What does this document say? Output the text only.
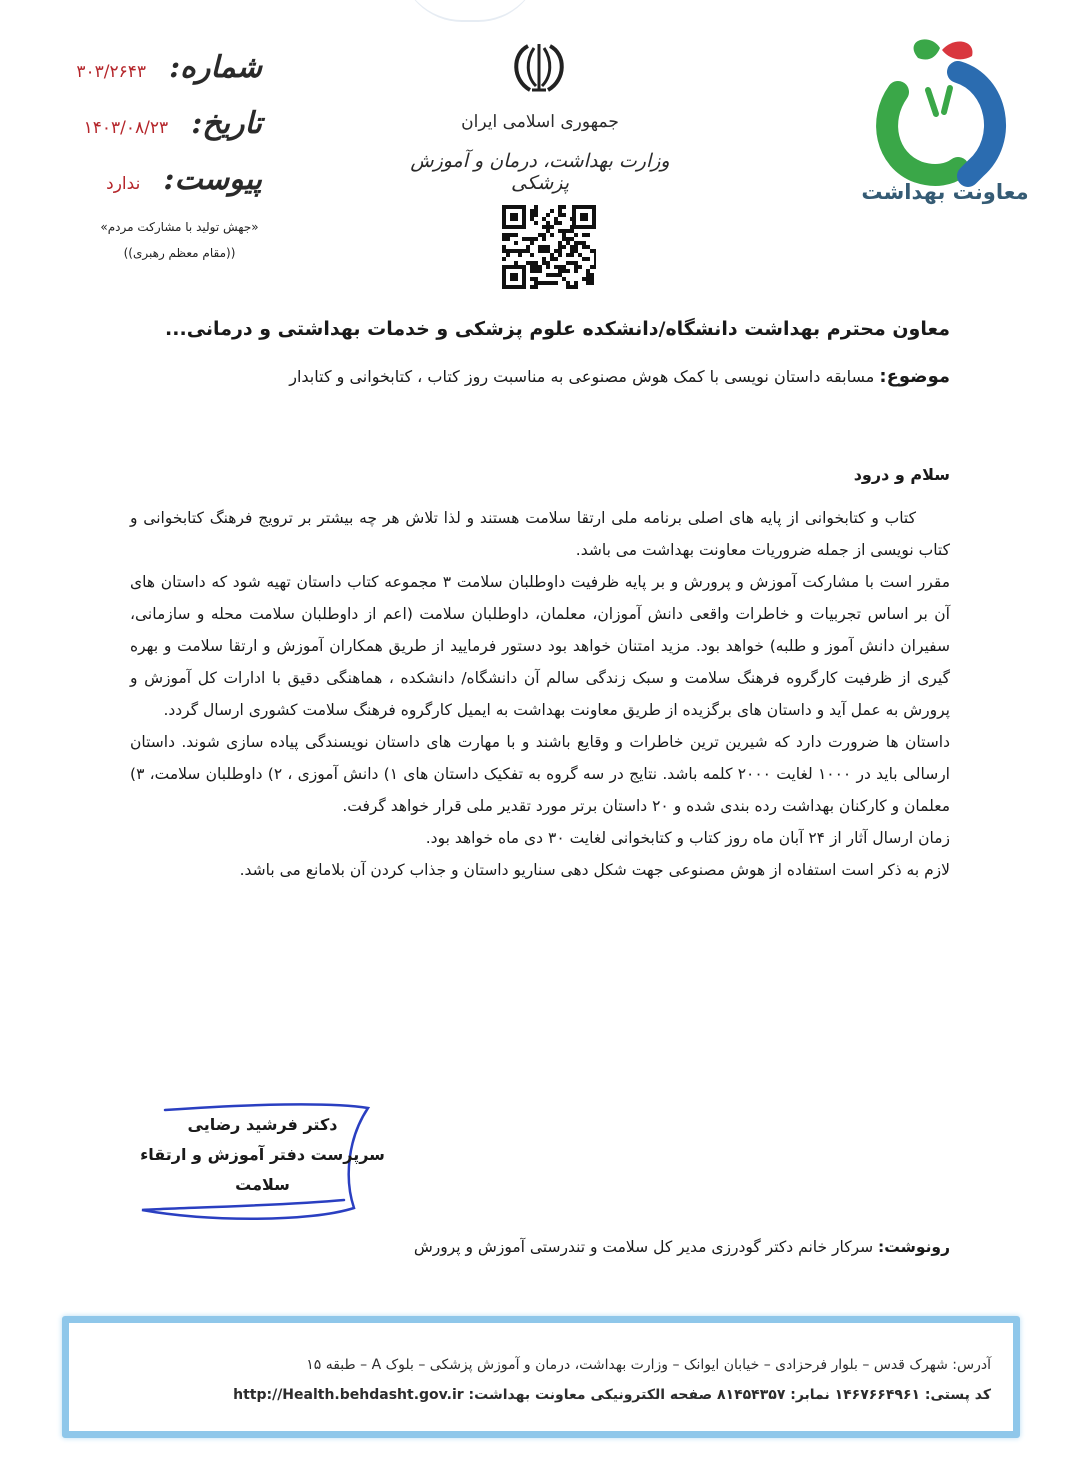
معاونت بهداشت
جمهوری اسلامی ایران
وزارت بهداشت، درمان و آموزش پزشکی
شماره: ۳۰۳/۲۶۴۳
تاریخ: ۱۴۰۳/۰۸/۲۳
پیوست: ندارد
«جهش تولید با مشارکت مردم»
((مقام معظم رهبری))
معاون محترم بهداشت دانشگاه/دانشکده علوم پزشکی و خدمات بهداشتی و درمانی...
موضوع: مسابقه داستان نویسی با کمک هوش مصنوعی به مناسبت روز کتاب ، کتابخوانی و کتابدار
سلام و درود

کتاب و کتابخوانی از پایه های اصلی برنامه ملی ارتقا سلامت هستند و لذا تلاش هر چه بیشتر بر ترویج فرهنگ کتابخوانی و کتاب نویسی از جمله ضروریات معاونت بهداشت می باشد.

مقرر است با مشارکت آموزش و پرورش و بر پایه ظرفیت داوطلبان سلامت ۳ مجموعه کتاب داستان تهیه شود که داستان های آن بر اساس تجربیات و خاطرات واقعی دانش آموزان، معلمان، داوطلبان سلامت (اعم از داوطلبان سلامت محله و سازمانی، سفیران دانش آموز و طلبه) خواهد بود. مزید امتنان خواهد بود دستور فرمایید از طریق همکاران آموزش و ارتقا سلامت و بهره گیری از ظرفیت کارگروه فرهنگ سلامت و سبک زندگی سالم آن دانشگاه/ دانشکده ، هماهنگی دقیق با ادارات کل آموزش و پرورش به عمل آید و داستان های برگزیده از طریق معاونت بهداشت به ایمیل کارگروه فرهنگ سلامت کشوری ارسال گردد.

داستان ها ضرورت دارد که شیرین ترین خاطرات و وقایع باشند و با مهارت های داستان نویسندگی پیاده سازی شوند. داستان ارسالی باید در ۱۰۰۰ لغایت ۲۰۰۰ کلمه باشد. نتایج در سه گروه به تفکیک داستان های ۱) دانش آموزی ، ۲) داوطلبان سلامت، ۳) معلمان و کارکنان بهداشت رده بندی شده و ۲۰ داستان برتر مورد تقدیر ملی قرار خواهد گرفت.

زمان ارسال آثار از ۲۴ آبان ماه روز کتاب و کتابخوانی لغایت ۳۰ دی ماه خواهد بود.

لازم به ذکر است استفاده از هوش مصنوعی جهت شکل دهی سناریو داستان و جذاب کردن آن بلامانع می باشد.

دکتر فرشید رضایی
سرپرست دفتر آموزش و ارتقاء سلامت
رونوشت: سرکار خانم دکتر گودرزی مدیر کل سلامت و تندرستی آموزش و پرورش
آدرس: شهرک قدس – بلوار فرحزادی – خیابان ایوانک – وزارت بهداشت، درمان و آموزش پزشکی – بلوک A – طبقه ۱۵
کد پستی: ۱۴۶۷۶۶۴۹۶۱ نمابر: ۸۱۴۵۴۳۵۷ صفحه الکترونیکی معاونت بهداشت: http://Health.behdasht.gov.ir
